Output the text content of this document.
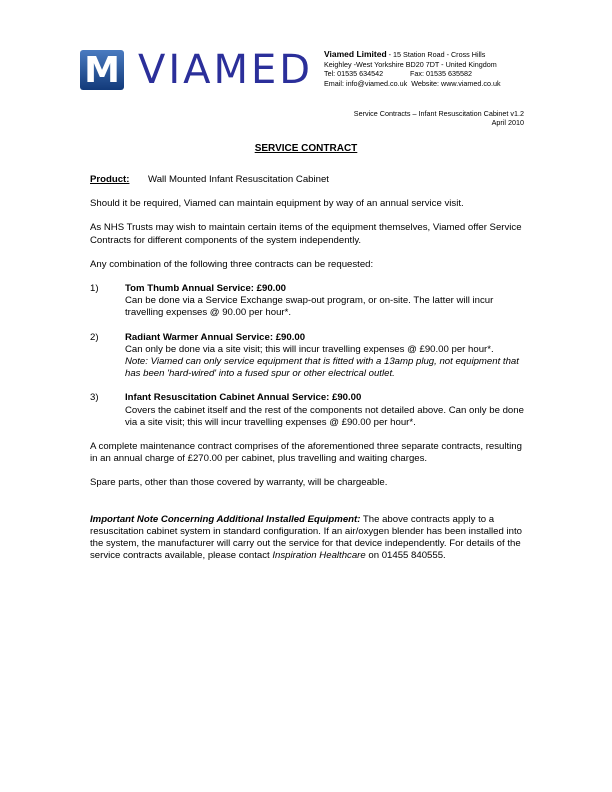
M VIAMED Viamed Limited - 15 Station Road - Cross Hills
Keighley -West Yorkshire BD20 7DT - United Kingdom
Tel: 01535 634542	Fax: 01535 635582
Email: info@viamed.co.uk Website: www.viamed.co.uk
Service Contracts – Infant Resuscitation Cabinet v1.2
April 2010
SERVICE CONTRACT

Product: Wall Mounted Infant Resuscitation Cabinet

Should it be required, Viamed can maintain equipment by way of an annual service visit.

As NHS Trusts may wish to maintain certain items of the equipment themselves, Viamed offer Service Contracts for different components of the system independently.

Any combination of the following three contracts can be requested:

1)	Tom Thumb Annual Service: £90.00
Can be done via a Service Exchange swap-out program, or on-site. The latter will incur travelling expenses @ 90.00 per hour*.
2)	Radiant Warmer Annual Service: £90.00
Can only be done via a site visit; this will incur travelling expenses @ £90.00 per hour*.
Note: Viamed can only service equipment that is fitted with a 13amp plug, not equipment that has been 'hard-wired' into a fused spur or other electrical outlet.
3)	Infant Resuscitation Cabinet Annual Service: £90.00
Covers the cabinet itself and the rest of the components not detailed above. Can only be done via a site visit; this will incur travelling expenses @ £90.00 per hour*.

A complete maintenance contract comprises of the aforementioned three separate contracts, resulting in an annual charge of £270.00 per cabinet, plus travelling and waiting charges.

Spare parts, other than those covered by warranty, will be chargeable.

Important Note Concerning Additional Installed Equipment: The above contracts apply to a resuscitation cabinet system in standard configuration. If an air/oxygen blender has been installed into the system, the manufacturer will carry out the service for that device independently. For details of the service contracts available, please contact Inspiration Healthcare on 01455 840555.
